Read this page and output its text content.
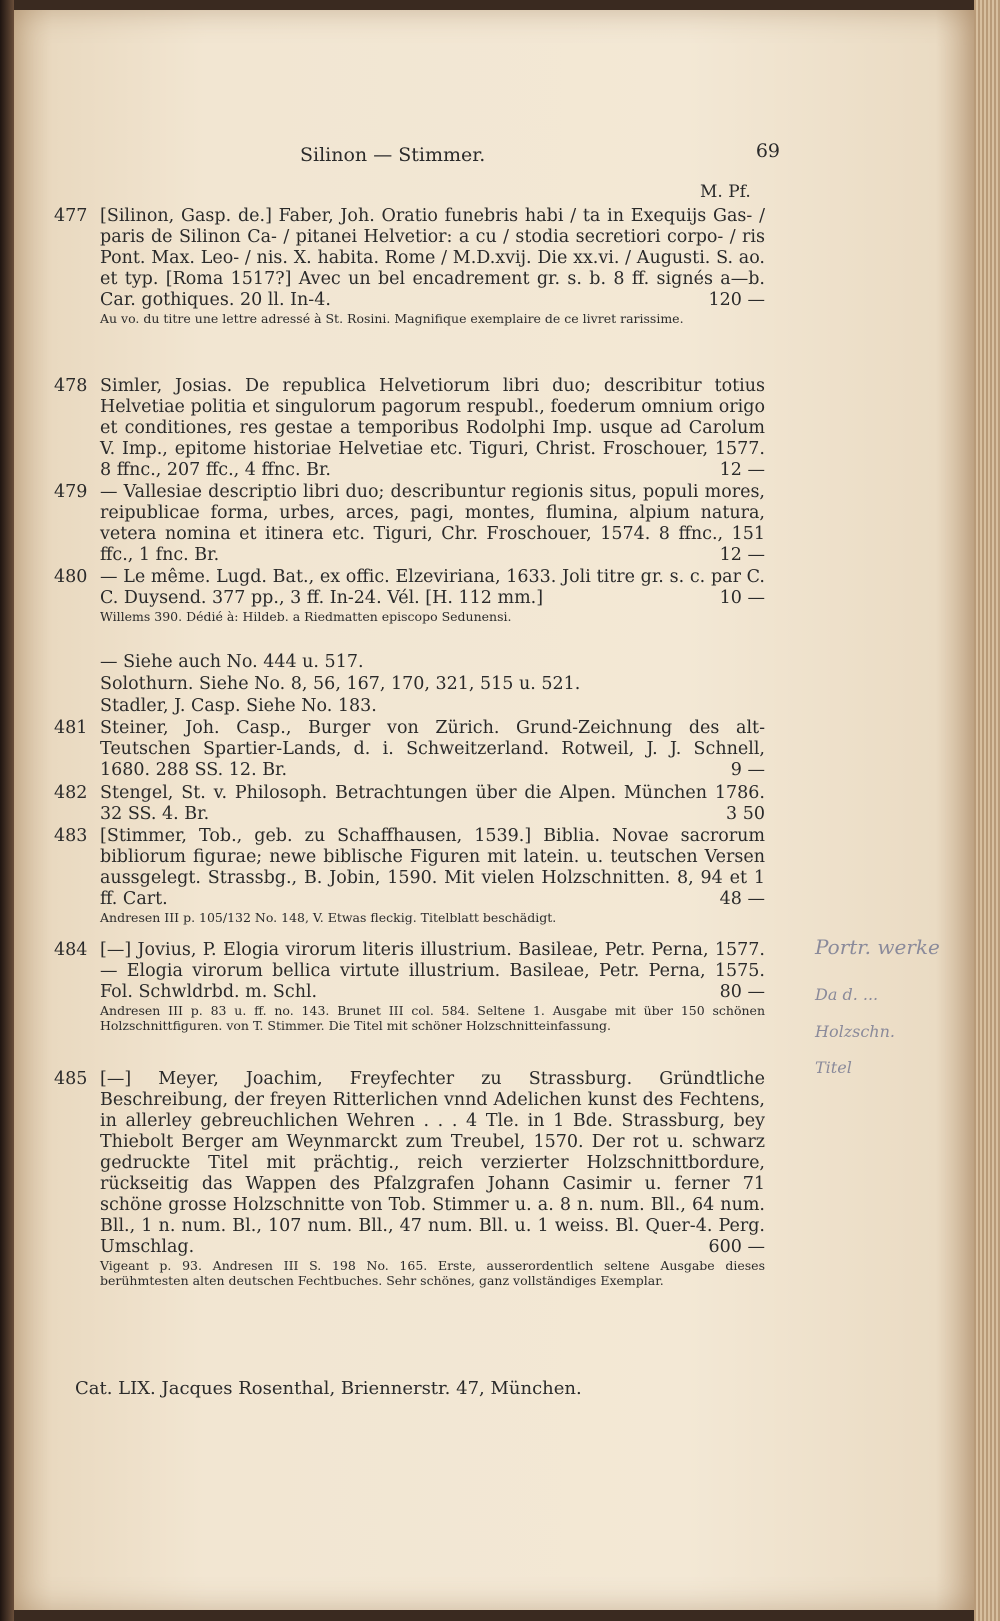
Silinon — Stimmer.	69
M. Pf.
477 [Silinon, Gasp. de.] Faber, Joh. Oratio funebris habi / ta in Exequijs Gas- / paris de Silinon Ca- / pitanei Helvetior: a cu / stodia secretiori corpo- / ris Pont. Max. Leo- / nis. X. habita. Rome / M.D.xvij. Die xx.vi. / Augusti. S. ao. et typ. [Roma 1517?] Avec un bel encadrement gr. s. b. 8 ff. signés a—b. Car. gothiques. 20 ll. In-4.	120 —
Au vo. du titre une lettre adressé à St. Rosini. Magnifique exemplaire de ce livret rarissime.
478 Simler, Josias. De republica Helvetiorum libri duo; describitur totius Helvetiae politia et singulorum pagorum respubl., foederum omnium origo et conditiones, res gestae a temporibus Rodolphi Imp. usque ad Carolum V. Imp., epitome historiae Helvetiae etc. Tiguri, Christ. Froschouer, 1577. 8 ffnc., 207 ffc., 4 ffnc. Br.	12 —
479 — Vallesiae descriptio libri duo; describuntur regionis situs, populi mores, reipublicae forma, urbes, arces, pagi, montes, flumina, alpium natura, vetera nomina et itinera etc. Tiguri, Chr. Froschouer, 1574. 8 ffnc., 151 ffc., 1 fnc. Br.	12 —
480 — Le même. Lugd. Bat., ex offic. Elzeviriana, 1633. Joli titre gr. s. c. par C. C. Duysend. 377 pp., 3 ff. In-24. Vél. [H. 112 mm.]	10 —
Willems 390. Dédié à: Hildeb. a Riedmatten episcopo Sedunensi.
— Siehe auch No. 444 u. 517.
Solothurn. Siehe No. 8, 56, 167, 170, 321, 515 u. 521.
Stadler, J. Casp. Siehe No. 183.
481 Steiner, Joh. Casp., Burger von Zürich. Grund-Zeichnung des alt-Teutschen Spartier-Lands, d. i. Schweitzerland. Rotweil, J. J. Schnell, 1680. 288 SS. 12. Br.	9 —
482 Stengel, St. v. Philosoph. Betrachtungen über die Alpen. München 1786. 32 SS. 4. Br.	3 50
483 [Stimmer, Tob., geb. zu Schaffhausen, 1539.] Biblia. Novae sacrorum bibliorum figurae; newe biblische Figuren mit latein. u. teutschen Versen aussgelegt. Strassbg., B. Jobin, 1590. Mit vielen Holzschnitten. 8, 94 et 1 ff. Cart.	48 —
Andresen III p. 105/132 No. 148, V. Etwas fleckig. Titelblatt beschädigt.
484 [—] Jovius, P. Elogia virorum literis illustrium. Basileae, Petr. Perna, 1577. — Elogia virorum bellica virtute illustrium. Basileae, Petr. Perna, 1575. Fol. Schwldrbd. m. Schl.	80 —
Andresen III p. 83 u. ff. no. 143. Brunet III col. 584. Seltene 1. Ausgabe mit über 150 schönen Holzschnittfiguren. von T. Stimmer. Die Titel mit schöner Holzschnitteinfassung.
485 [—] Meyer, Joachim, Freyfechter zu Strassburg. Gründtliche Beschreibung, der freyen Ritterlichen vnnd Adelichen kunst des Fechtens, in allerley gebreuchlichen Wehren . . . 4 Tle. in 1 Bde. Strassburg, bey Thiebolt Berger am Weynmarckt zum Treubel, 1570. Der rot u. schwarz gedruckte Titel mit prächtig., reich verzierter Holzschnittbordure, rückseitig das Wappen des Pfalzgrafen Johann Casimir u. ferner 71 schöne grosse Holzschnitte von Tob. Stimmer u. a. 8 n. num. Bll., 64 num. Bll., 1 n. num. Bl., 107 num. Bll., 47 num. Bll. u. 1 weiss. Bl. Quer-4. Perg. Umschlag.	600 —
Vigeant p. 93. Andresen III S. 198 No. 165. Erste, ausserordentlich seltene Ausgabe dieses berühmtesten alten deutschen Fechtbuches. Sehr schönes, ganz vollständiges Exemplar.
Cat. LIX. Jacques Rosenthal, Briennerstr. 47, München.
Portr. werke
Da d. ...
Holzschn.
Titel
